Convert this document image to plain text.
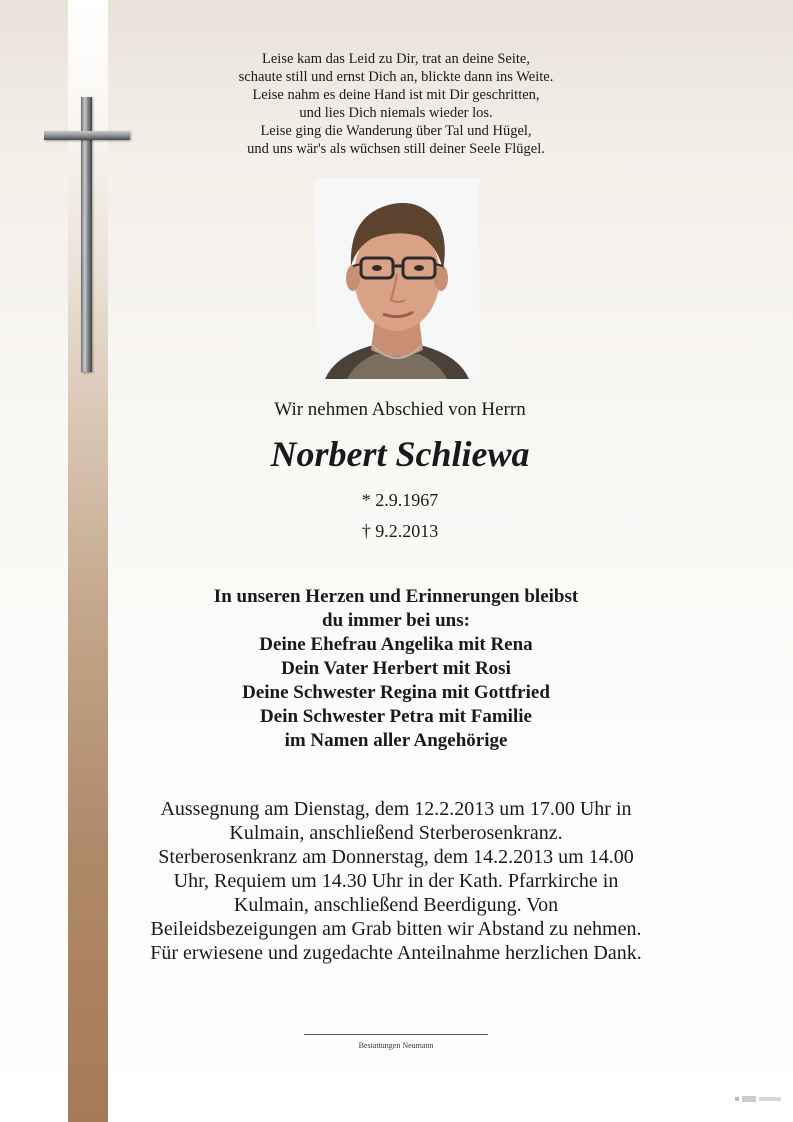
Leise kam das Leid zu Dir, trat an deine Seite,
schaute still und ernst Dich an, blickte dann ins Weite.
Leise nahm es deine Hand ist mit Dir geschritten,
und lies Dich niemals wieder los.
Leise ging die Wanderung über Tal und Hügel,
und uns wär's als wüchsen still deiner Seele Flügel.
Wir nehmen Abschied von Herrn
Norbert Schliewa
* 2.9.1967
† 9.2.2013
In unseren Herzen und Erinnerungen bleibst
du immer bei uns:
Deine Ehefrau Angelika mit Rena
Dein Vater Herbert mit Rosi
Deine Schwester Regina mit Gottfried
Dein Schwester Petra mit Familie
im Namen aller Angehörige
Aussegnung am Dienstag, dem 12.2.2013 um 17.00 Uhr in
Kulmain, anschließend Sterberosenkranz.
Sterberosenkranz am Donnerstag, dem 14.2.2013 um 14.00
Uhr, Requiem um 14.30 Uhr in der Kath. Pfarrkirche in
Kulmain, anschließend Beerdigung. Von
Beileidsbezeigungen am Grab bitten wir Abstand zu nehmen.
Für erwiesene und zugedachte Anteilnahme herzlichen Dank.
Bestattungen Neumann
